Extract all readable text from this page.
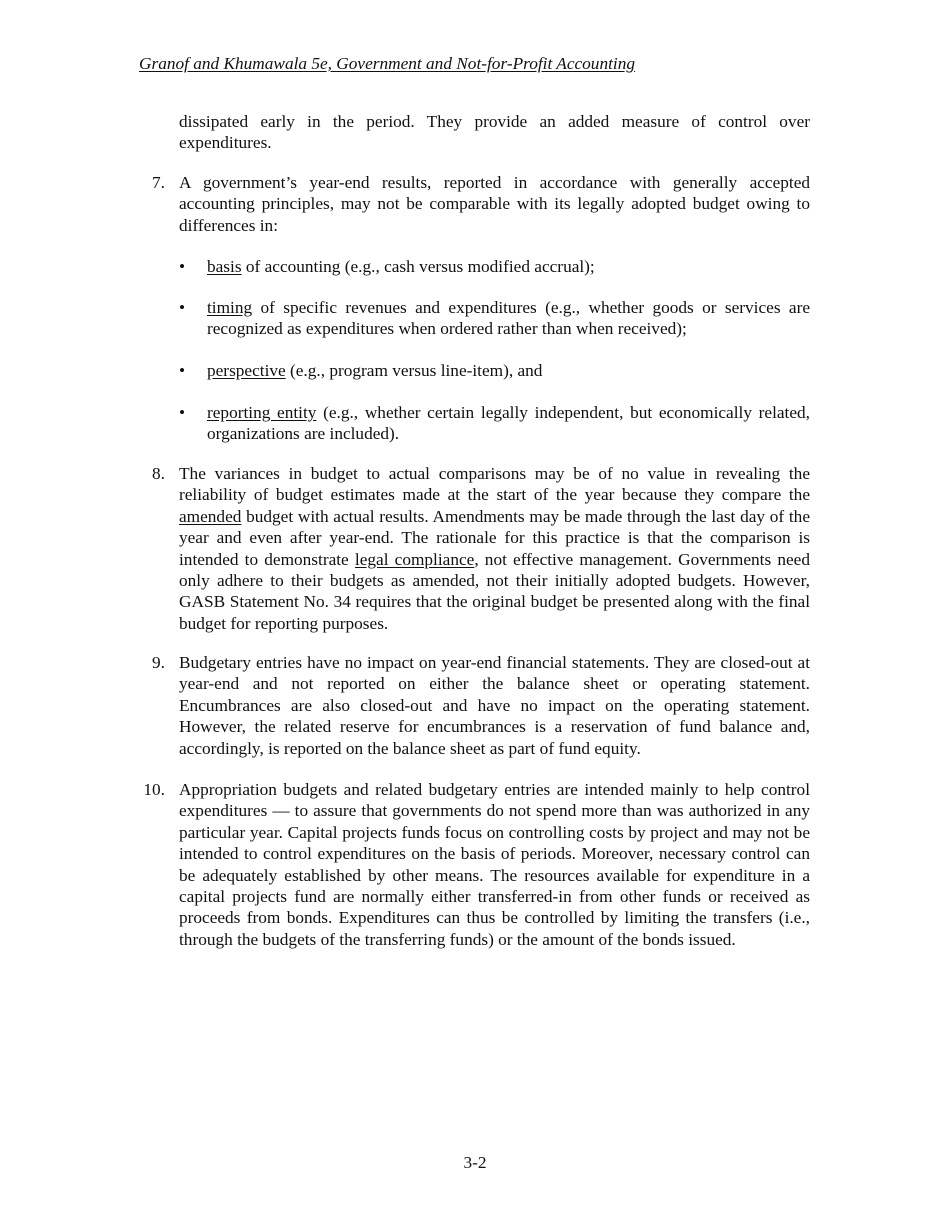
Granof and Khumawala 5e, Government and Not-for-Profit Accounting
dissipated early in the period. They provide an added measure of control over expenditures.
7. A government’s year-end results, reported in accordance with generally accepted accounting principles, may not be comparable with its legally adopted budget owing to differences in:
• basis of accounting (e.g., cash versus modified accrual);
• timing of specific revenues and expenditures (e.g., whether goods or services are recognized as expenditures when ordered rather than when received);
• perspective (e.g., program versus line-item), and
• reporting entity (e.g., whether certain legally independent, but economically related, organizations are included).
8. The variances in budget to actual comparisons may be of no value in revealing the reliability of budget estimates made at the start of the year because they compare the amended budget with actual results. Amendments may be made through the last day of the year and even after year-end. The rationale for this practice is that the comparison is intended to demonstrate legal compliance, not effective management. Governments need only adhere to their budgets as amended, not their initially adopted budgets. However, GASB Statement No. 34 requires that the original budget be presented along with the final budget for reporting purposes.
9. Budgetary entries have no impact on year-end financial statements. They are closed-out at year-end and not reported on either the balance sheet or operating statement. Encumbrances are also closed-out and have no impact on the operating statement. However, the related reserve for encumbrances is a reservation of fund balance and, accordingly, is reported on the balance sheet as part of fund equity.
10. Appropriation budgets and related budgetary entries are intended mainly to help control expenditures — to assure that governments do not spend more than was authorized in any particular year. Capital projects funds focus on controlling costs by project and may not be intended to control expenditures on the basis of periods. Moreover, necessary control can be adequately established by other means. The resources available for expenditure in a capital projects fund are normally either transferred-in from other funds or received as proceeds from bonds. Expenditures can thus be controlled by limiting the transfers (i.e., through the budgets of the transferring funds) or the amount of the bonds issued.
3-2
